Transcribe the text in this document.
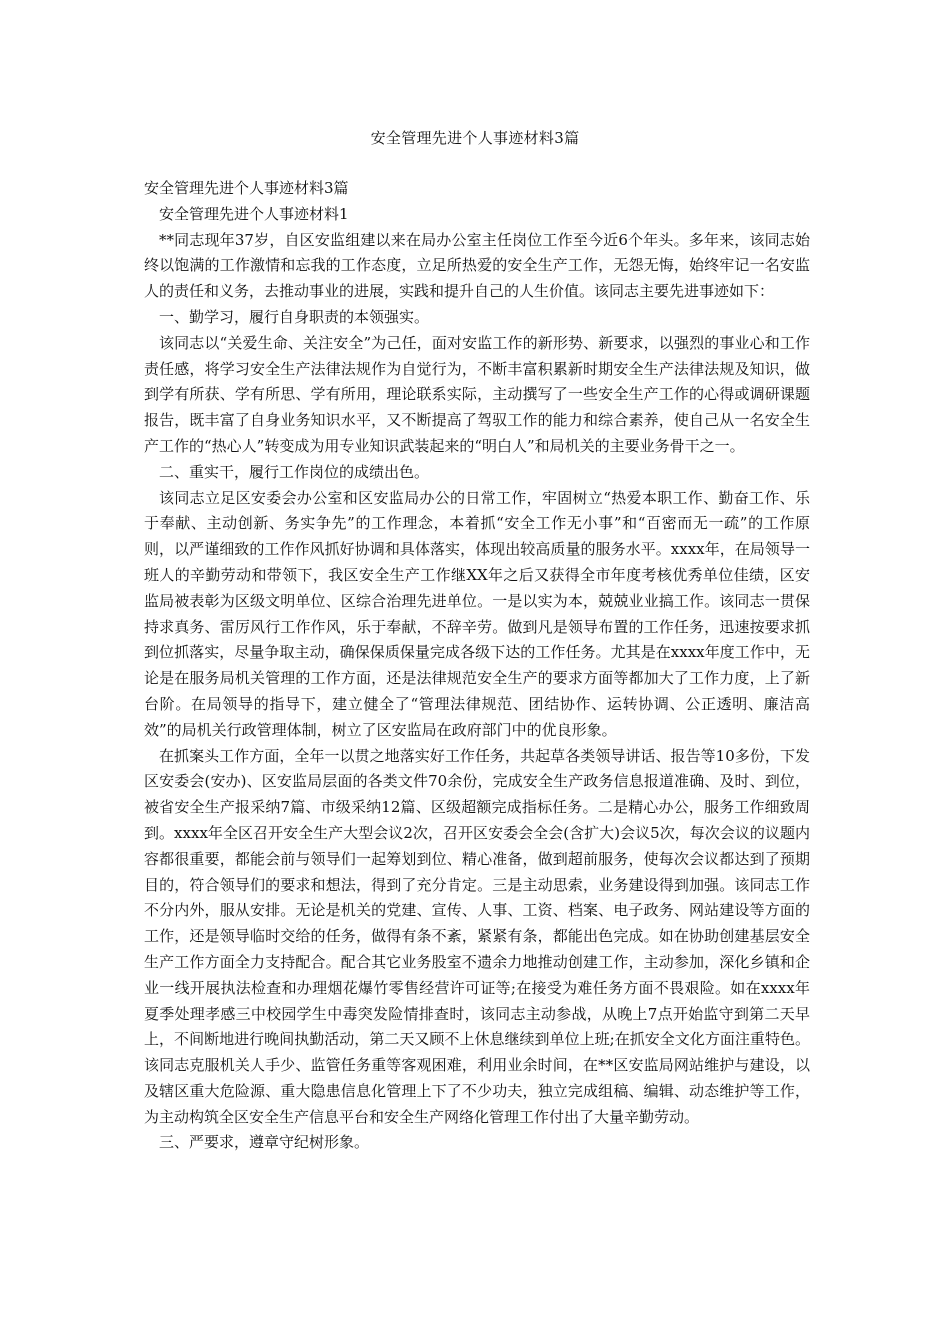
安全管理先进个人事迹材料3篇

安全管理先进个人事迹材料3篇

安全管理先进个人事迹材料1

**同志现年37岁，自区安监组建以来在局办公室主任岗位工作至今近6个年头。多年来，该同志始终以饱满的工作激情和忘我的工作态度，立足所热爱的安全生产工作，无怨无悔，始终牢记一名安监人的责任和义务，去推动事业的进展，实践和提升自己的人生价值。该同志主要先进事迹如下：

一、勤学习，履行自身职责的本领强实。

该同志以“关爱生命、关注安全”为己任，面对安监工作的新形势、新要求，以强烈的事业心和工作责任感，将学习安全生产法律法规作为自觉行为，不断丰富积累新时期安全生产法律法规及知识，做到学有所获、学有所思、学有所用，理论联系实际，主动撰写了一些安全生产工作的心得或调研课题报告，既丰富了自身业务知识水平，又不断提高了驾驭工作的能力和综合素养，使自己从一名安全生产工作的“热心人”转变成为用专业知识武装起来的“明白人”和局机关的主要业务骨干之一。

二、重实干，履行工作岗位的成绩出色。

该同志立足区安委会办公室和区安监局办公的日常工作，牢固树立“热爱本职工作、勤奋工作、乐于奉献、主动创新、务实争先”的工作理念，本着抓“安全工作无小事”和“百密而无一疏”的工作原则，以严谨细致的工作作风抓好协调和具体落实，体现出较高质量的服务水平。xxxx年，在局领导一班人的辛勤劳动和带领下，我区安全生产工作继XX年之后又获得全市年度考核优秀单位佳绩，区安监局被表彰为区级文明单位、区综合治理先进单位。一是以实为本，兢兢业业搞工作。该同志一贯保持求真务、雷厉风行工作作风，乐于奉献，不辞辛劳。做到凡是领导布置的工作任务，迅速按要求抓到位抓落实，尽量争取主动，确保保质保量完成各级下达的工作任务。尤其是在xxxx年度工作中，无论是在服务局机关管理的工作方面，还是法律规范安全生产的要求方面等都加大了工作力度，上了新台阶。在局领导的指导下，建立健全了“管理法律规范、团结协作、运转协调、公正透明、廉洁高效”的局机关行政管理体制，树立了区安监局在政府部门中的优良形象。

在抓案头工作方面，全年一以贯之地落实好工作任务，共起草各类领导讲话、报告等10多份，下发区安委会(安办)、区安监局层面的各类文件70余份，完成安全生产政务信息报道准确、及时、到位，被省安全生产报采纳7篇、市级采纳12篇、区级超额完成指标任务。二是精心办公，服务工作细致周到。xxxx年全区召开安全生产大型会议2次，召开区安委会全会(含扩大)会议5次，每次会议的议题内容都很重要，都能会前与领导们一起筹划到位、精心准备，做到超前服务，使每次会议都达到了预期目的，符合领导们的要求和想法，得到了充分肯定。三是主动思索，业务建设得到加强。该同志工作不分内外，服从安排。无论是机关的党建、宣传、人事、工资、档案、电子政务、网站建设等方面的工作，还是领导临时交给的任务，做得有条不紊，紧紧有条，都能出色完成。如在协助创建基层安全生产工作方面全力支持配合。配合其它业务股室不遗余力地推动创建工作，主动参加，深化乡镇和企业一线开展执法检查和办理烟花爆竹零售经营许可证等;在接受为难任务方面不畏艰险。如在xxxx年夏季处理孝感三中校园学生中毒突发险情排查时，该同志主动参战，从晚上7点开始监守到第二天早上，不间断地进行晚间执勤活动，第二天又顾不上休息继续到单位上班;在抓安全文化方面注重特色。该同志克服机关人手少、监管任务重等客观困难，利用业余时间，在**区安监局网站维护与建设，以及辖区重大危险源、重大隐患信息化管理上下了不少功夫，独立完成组稿、编辑、动态维护等工作，为主动构筑全区安全生产信息平台和安全生产网络化管理工作付出了大量辛勤劳动。

三、严要求，遵章守纪树形象。
